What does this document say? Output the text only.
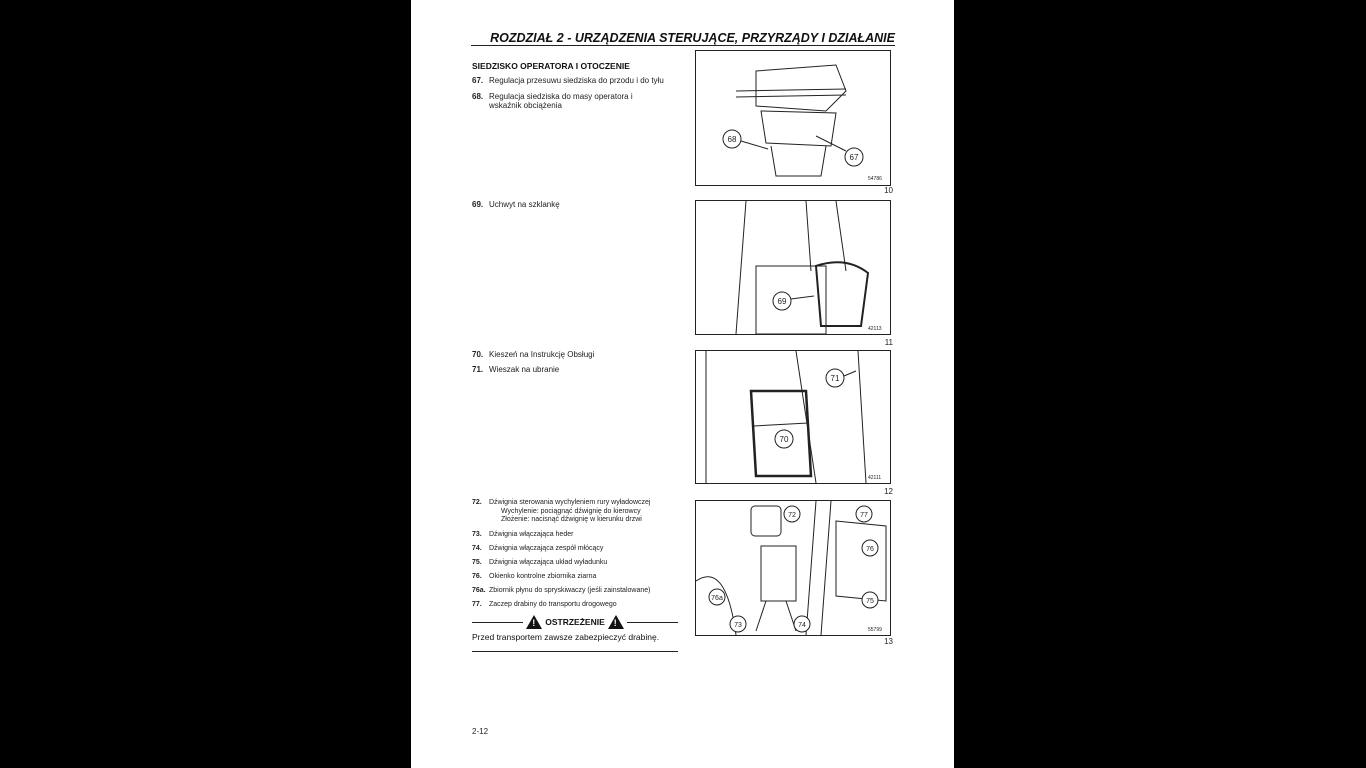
ROZDZIAŁ 2 - URZĄDZENIA STERUJĄCE, PRZYRZĄDY I DZIAŁANIE
SIEDZISKO OPERATORA I OTOCZENIE
67. Regulacja przesuwu siedziska do przodu i do tyłu
68. Regulacja siedziska do masy operatora i
wskaźnik obciążenia
69. Uchwyt na szklankę
70. Kieszeń na Instrukcję Obsługi
71. Wieszak na ubranie
72. Dźwignia sterowania wychyleniem rury wyładowczej
Wychylenie: pociągnąć dźwignię do kierowcy
Złożenie: nacisnąć dźwignię w kierunku drzwi
73. Dźwignia włączająca heder
74. Dźwignia włączająca zespół młócący
75. Dźwignia włączająca układ wyładunku
76. Okienko kontrolne zbiornika ziarna
76a. Zbiornik płynu do spryskiwaczy (jeśli zainstalowane)
77. Zaczep drabiny do transportu drogowego
! OSTRZEŻENIE !
Przed transportem zawsze zabezpieczyć drabinę.
68
67
54786
10
69
42113
11
71
70
42111
12
72	77
76
76a	75
73	74
55799
13
2-12
